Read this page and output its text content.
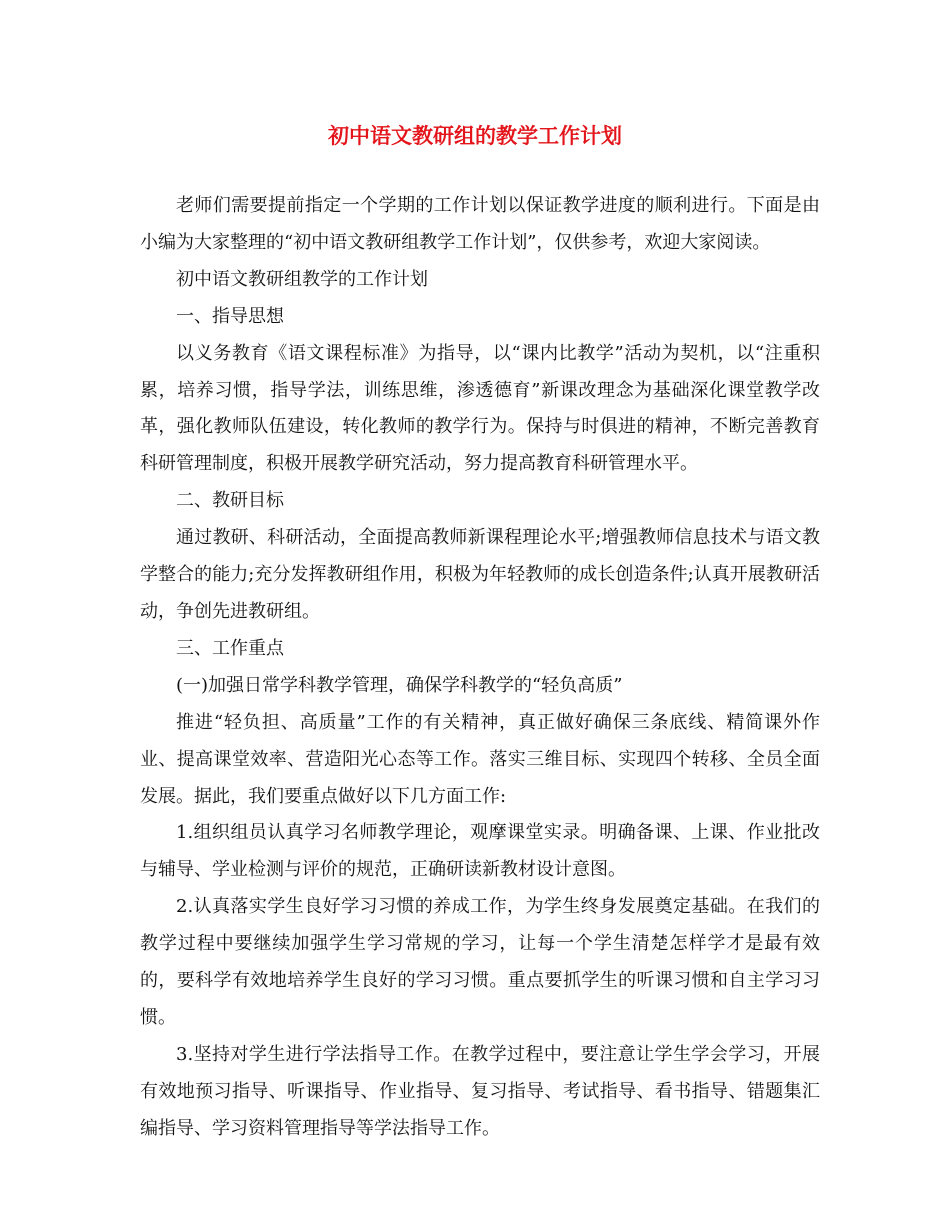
初中语文教研组的教学工作计划

老师们需要提前指定一个学期的工作计划以保证教学进度的顺利进行。下面是由小编为大家整理的“初中语文教研组教学工作计划”，仅供参考，欢迎大家阅读。

初中语文教研组教学的工作计划

一、指导思想

以义务教育《语文课程标准》为指导，以“课内比教学”活动为契机，以“注重积累，培养习惯，指导学法，训练思维，渗透德育”新课改理念为基础深化课堂教学改革，强化教师队伍建设，转化教师的教学行为。保持与时俱进的精神，不断完善教育科研管理制度，积极开展教学研究活动，努力提高教育科研管理水平。

二、教研目标

通过教研、科研活动，全面提高教师新课程理论水平;增强教师信息技术与语文教学整合的能力;充分发挥教研组作用，积极为年轻教师的成长创造条件;认真开展教研活动，争创先进教研组。

三、工作重点

(一)加强日常学科教学管理，确保学科教学的“轻负高质”

推进“轻负担、高质量”工作的有关精神，真正做好确保三条底线、精简课外作业、提高课堂效率、营造阳光心态等工作。落实三维目标、实现四个转移、全员全面发展。据此，我们要重点做好以下几方面工作:

1.组织组员认真学习名师教学理论，观摩课堂实录。明确备课、上课、作业批改与辅导、学业检测与评价的规范，正确研读新教材设计意图。

2.认真落实学生良好学习习惯的养成工作，为学生终身发展奠定基础。在我们的教学过程中要继续加强学生学习常规的学习，让每一个学生清楚怎样学才是最有效的，要科学有效地培养学生良好的学习习惯。重点要抓学生的听课习惯和自主学习习惯。

3.坚持对学生进行学法指导工作。在教学过程中，要注意让学生学会学习，开展有效地预习指导、听课指导、作业指导、复习指导、考试指导、看书指导、错题集汇编指导、学习资料管理指导等学法指导工作。
